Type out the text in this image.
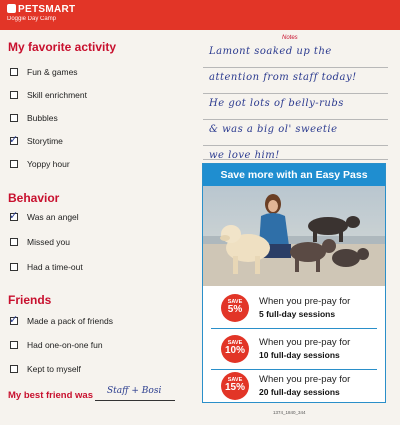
PETSMART
Doggie Day Camp
My favorite activity
Fun & games
Skill enrichment
Bubbles
✓ Storytime
Yoppy hour
Behavior
✓ Was an angel
Missed you
Had a time-out
Friends
✓ Made a pack of friends
Had one-on-one fun
Kept to myself
My best friend was Staff + Bosi
Notes
Lamont soaked up the
attention from staff today!
He got lots of belly-rubs
& was a big ol' sweetie
we love him!
Save more with an Easy Pass
SAVE
5%
When you pre-pay for
5 full-day sessions
SAVE
10%
When you pre-pay for
10 full-day sessions
SAVE
15%
When you pre-pay for
20 full-day sessions
1374_1840_344
